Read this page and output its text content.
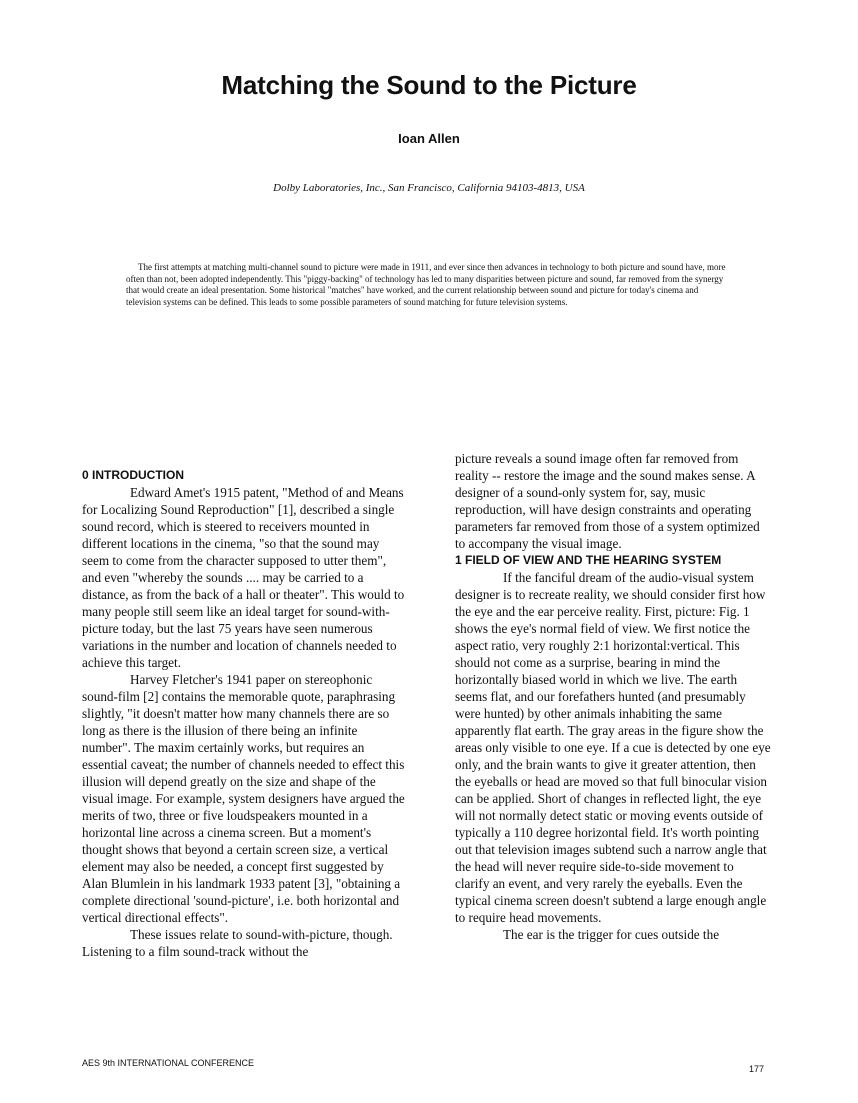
Matching the Sound to the Picture
Ioan Allen
Dolby Laboratories, Inc., San Francisco, California 94103-4813, USA

The first attempts at matching multi-channel sound to picture were made in 1911, and ever since then advances in technology to both picture and sound have, more often than not, been adopted independently. This "piggy-backing" of technology has led to many disparities between picture and sound, far removed from the synergy that would create an ideal presentation. Some historical "matches" have worked, and the current relationship between sound and picture for today's cinema and television systems can be defined. This leads to some possible parameters of sound matching for future television systems.

0 INTRODUCTION

Edward Amet's 1915 patent, "Method of and Means for Localizing Sound Reproduction" [1], described a single sound record, which is steered to receivers mounted in different locations in the cinema, "so that the sound may seem to come from the character supposed to utter them", and even "whereby the sounds .... may be carried to a distance, as from the back of a hall or theater". This would to many people still seem like an ideal target for sound-with-picture today, but the last 75 years have seen numerous variations in the number and location of channels needed to achieve this target.

Harvey Fletcher's 1941 paper on stereophonic sound-film [2] contains the memorable quote, paraphrasing slightly, "it doesn't matter how many channels there are so long as there is the illusion of there being an infinite number". The maxim certainly works, but requires an essential caveat; the number of channels needed to effect this illusion will depend greatly on the size and shape of the visual image. For example, system designers have argued the merits of two, three or five loudspeakers mounted in a horizontal line across a cinema screen. But a moment's thought shows that beyond a certain screen size, a vertical element may also be needed, a concept first suggested by Alan Blumlein in his landmark 1933 patent [3], "obtaining a complete directional 'sound-picture', i.e. both horizontal and vertical directional effects".

These issues relate to sound-with-picture, though. Listening to a film sound-track without the

picture reveals a sound image often far removed from reality -- restore the image and the sound makes sense. A designer of a sound-only system for, say, music reproduction, will have design constraints and operating parameters far removed from those of a system optimized to accompany the visual image.

1 FIELD OF VIEW AND THE HEARING SYSTEM

If the fanciful dream of the audio-visual system designer is to recreate reality, we should consider first how the eye and the ear perceive reality. First, picture: Fig. 1 shows the eye's normal field of view. We first notice the aspect ratio, very roughly 2:1 horizontal:vertical. This should not come as a surprise, bearing in mind the horizontally biased world in which we live. The earth seems flat, and our forefathers hunted (and presumably were hunted) by other animals inhabiting the same apparently flat earth. The gray areas in the figure show the areas only visible to one eye. If a cue is detected by one eye only, and the brain wants to give it greater attention, then the eyeballs or head are moved so that full binocular vision can be applied. Short of changes in reflected light, the eye will not normally detect static or moving events outside of typically a 110 degree horizontal field. It's worth pointing out that television images subtend such a narrow angle that the head will never require side-to-side movement to clarify an event, and very rarely the eyeballs. Even the typical cinema screen doesn't subtend a large enough angle to require head movements.

The ear is the trigger for cues outside the

AES 9th INTERNATIONAL CONFERENCE
177
